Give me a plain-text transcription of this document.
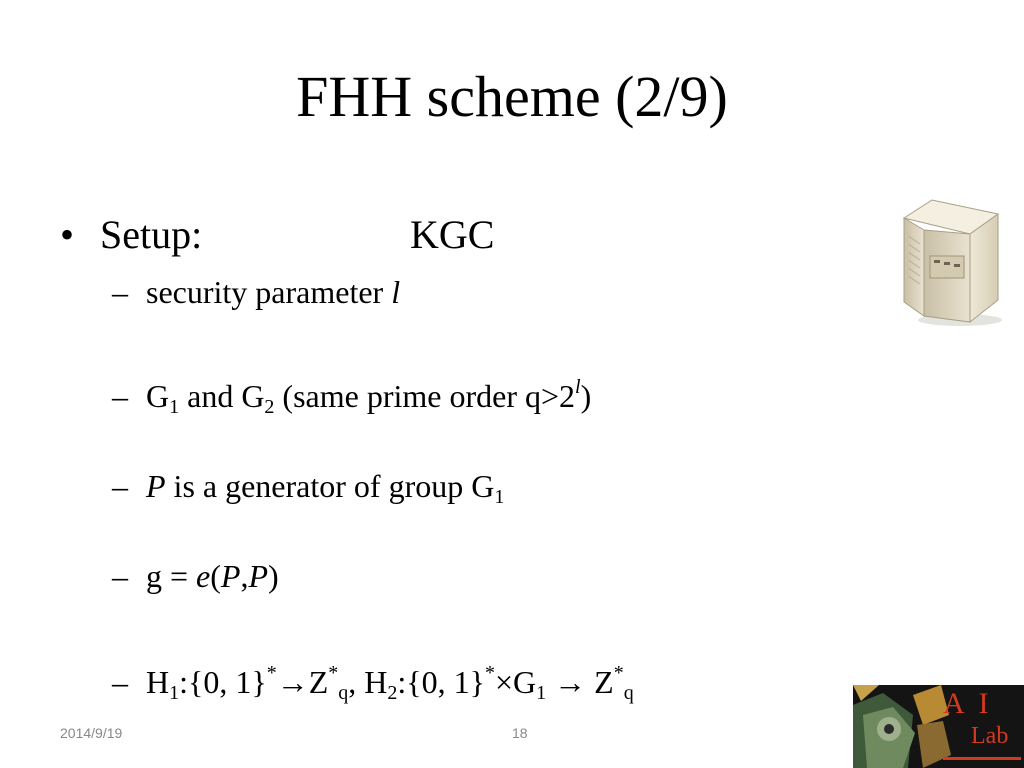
FHH scheme (2/9)
• Setup:	KGC
– security parameter l
– $G_1$ and $G_2$ (same prime order $q>2^l$)
– P is a generator of group $G_1$
– g = e(P,P)
– $H_1:\{0$, $1\}^*\to Z^*_q$, $H_2:\{0$, $1\}^*\times G_1 \to Z^*_q$
2014/9/19	18
A I
Lab
